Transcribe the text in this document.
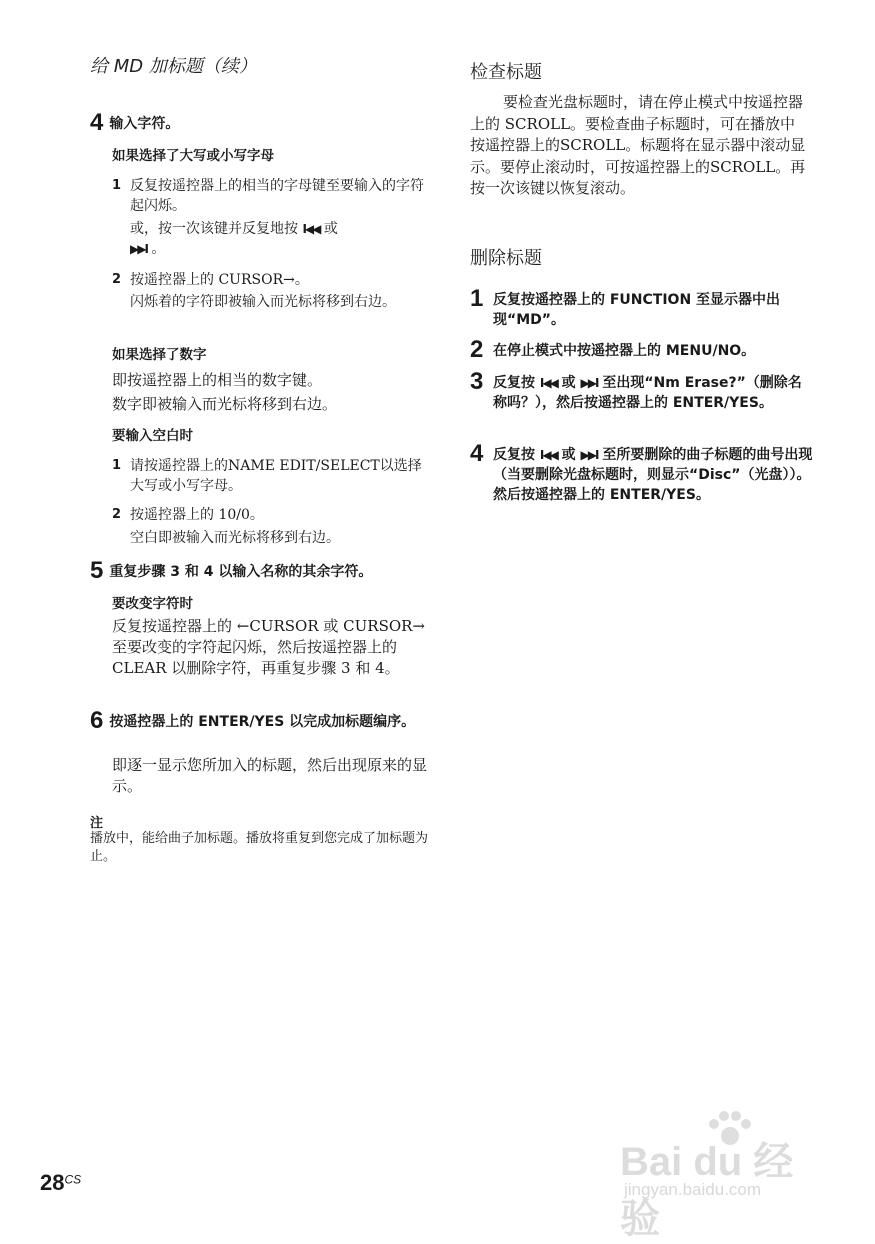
给 MD 加标题（续）
4 输入字符。
如果选择了大写或小写字母
1 反复按遥控器上的相当的字母键至要输入的字符起闪烁。
或，按一次该键并反复地按 I◀◀ 或
▶▶I 。
2 按遥控器上的 CURSOR→。
闪烁着的字符即被输入而光标将移到右边。
如果选择了数字
即按遥控器上的相当的数字键。
数字即被输入而光标将移到右边。
要输入空白时
1 请按遥控器上的NAME EDIT/SELECT以选择大写或小写字母。
2 按遥控器上的 10/0。
空白即被输入而光标将移到右边。
5 重复步骤 3 和 4 以输入名称的其余字符。
要改变字符时
反复按遥控器上的 ←CURSOR 或 CURSOR→ 至要改变的字符起闪烁，然后按遥控器上的 CLEAR 以删除字符，再重复步骤 3 和 4。
6 按遥控器上的 ENTER/YES 以完成加标题编序。
即逐一显示您所加入的标题，然后出现原来的显示。
注
播放中，能给曲子加标题。播放将重复到您完成了加标题为止。
检查标题
要检查光盘标题时，请在停止模式中按遥控器上的 SCROLL。要检查曲子标题时，可在播放中按遥控器上的SCROLL。标题将在显示器中滚动显示。要停止滚动时，可按遥控器上的SCROLL。再按一次该键以恢复滚动。
删除标题
1 反复按遥控器上的 FUNCTION 至显示器中出现“MD”。
2 在停止模式中按遥控器上的 MENU/NO。
3 反复按 I◀◀ 或 ▶▶I 至出现“Nm Erase?”（删除名称吗？），然后按遥控器上的 ENTER/YES。
4 反复按 I◀◀ 或 ▶▶I 至所要删除的曲子标题的曲号出现（当要删除光盘标题时，则显示“Disc”（光盘））。然后按遥控器上的 ENTER/YES。
$28^{CS}$	Bai du 经验
jingyan.baidu.com
